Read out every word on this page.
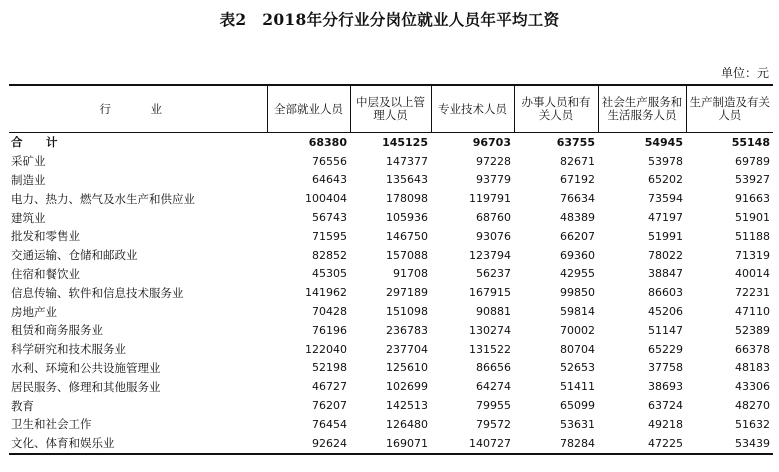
表2　2018年分行业分岗位就业人员年平均工资
单位：元
行　业	全部就业人员	中层及以上管理人员	专业技术人员	办事人员和有关人员	社会生产服务和生活服务人员	生产制造及有关人员
合　计	68380	145125	96703	63755	54945	55148
采矿业	76556	147377	97228	82671	53978	69789
制造业	64643	135643	93779	67192	65202	53927
电力、热力、燃气及水生产和供应业	100404	178098	119791	76634	73594	91663
建筑业	56743	105936	68760	48389	47197	51901
批发和零售业	71595	146750	93076	66207	51991	51188
交通运输、仓储和邮政业	82852	157088	123794	69360	78022	71319
住宿和餐饮业	45305	91708	56237	42955	38847	40014
信息传输、软件和信息技术服务业	141962	297189	167915	99850	86603	72231
房地产业	70428	151098	90881	59814	45206	47110
租赁和商务服务业	76196	236783	130274	70002	51147	52389
科学研究和技术服务业	122040	237704	131522	80704	65229	66378
水利、环境和公共设施管理业	52198	125610	86656	52653	37758	48183
居民服务、修理和其他服务业	46727	102699	64274	51411	38693	43306
教育	76207	142513	79955	65099	63724	48270
卫生和社会工作	76454	126480	79572	53631	49218	51632
文化、体育和娱乐业	92624	169071	140727	78284	47225	53439
